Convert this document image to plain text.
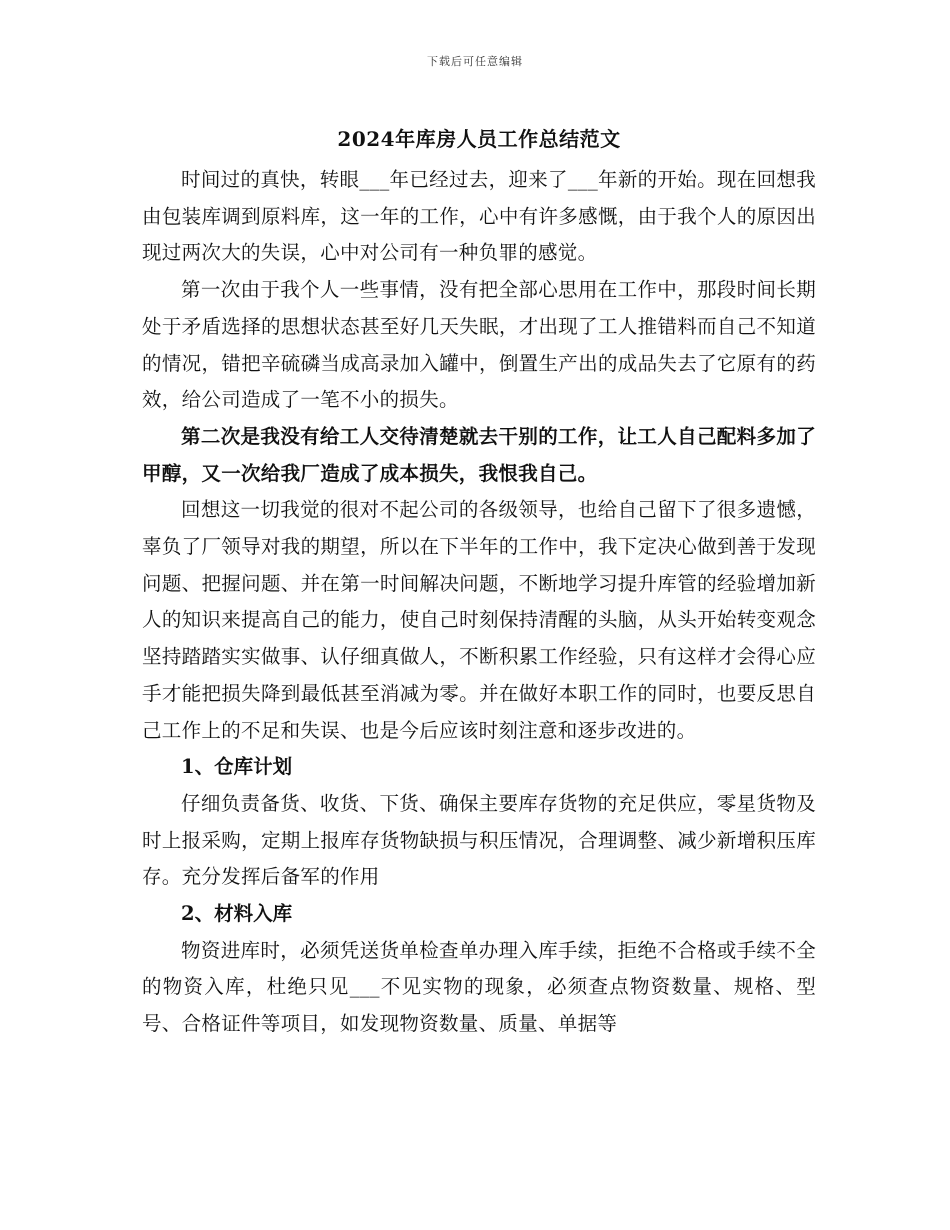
下载后可任意编辑
2024年库房人员工作总结范文

时间过的真快，转眼___年已经过去，迎来了___年新的开始。现在回想我由包装库调到原料库，这一年的工作，心中有许多感慨，由于我个人的原因出现过两次大的失误，心中对公司有一种负罪的感觉。

第一次由于我个人一些事情，没有把全部心思用在工作中，那段时间长期处于矛盾选择的思想状态甚至好几天失眠，才出现了工人推错料而自己不知道的情况，错把辛硫磷当成高录加入罐中，倒置生产出的成品失去了它原有的药效，给公司造成了一笔不小的损失。

第二次是我没有给工人交待清楚就去干别的工作，让工人自己配料多加了甲醇，又一次给我厂造成了成本损失，我恨我自己。

回想这一切我觉的很对不起公司的各级领导，也给自己留下了很多遗憾，辜负了厂领导对我的期望，所以在下半年的工作中，我下定决心做到善于发现问题、把握问题、并在第一时间解决问题，不断地学习提升库管的经验增加新人的知识来提高自己的能力，使自己时刻保持清醒的头脑，从头开始转变观念坚持踏踏实实做事、认仔细真做人，不断积累工作经验，只有这样才会得心应手才能把损失降到最低甚至消减为零。并在做好本职工作的同时，也要反思自己工作上的不足和失误、也是今后应该时刻注意和逐步改进的。

1、仓库计划

仔细负责备货、收货、下货、确保主要库存货物的充足供应，零星货物及时上报采购，定期上报库存货物缺损与积压情况，合理调整、减少新增积压库存。充分发挥后备军的作用

2、材料入库

物资进库时，必须凭送货单检查单办理入库手续，拒绝不合格或手续不全的物资入库，杜绝只见___不见实物的现象，必须查点物资数量、规格、型号、合格证件等项目，如发现物资数量、质量、单据等
